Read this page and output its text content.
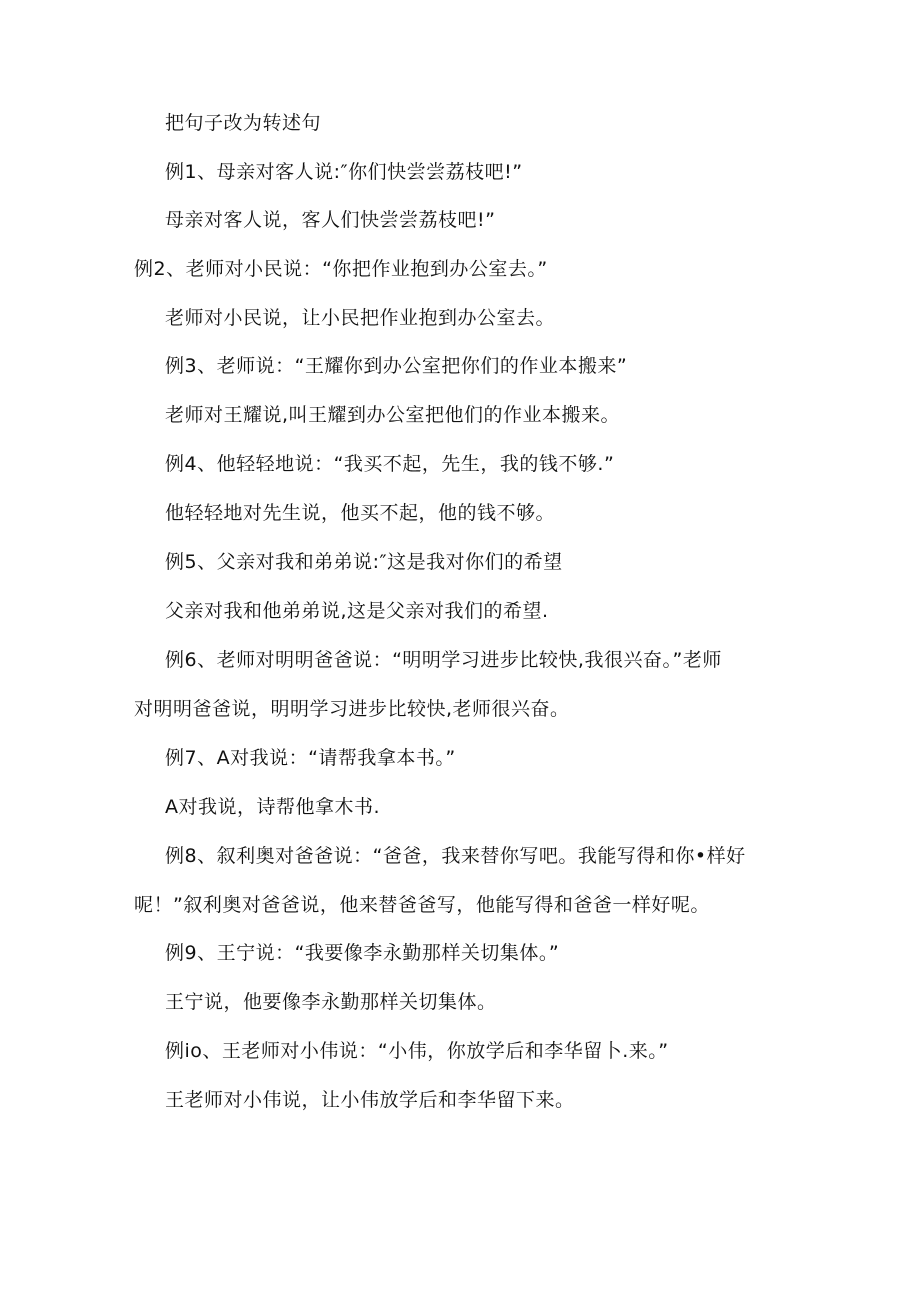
把句子改为转述句
例1、母亲对客人说:″你们快尝尝荔枝吧!”
母亲对客人说，客人们快尝尝荔枝吧!”
例2、老师对小民说：“你把作业抱到办公室去。”
老师对小民说，让小民把作业抱到办公室去。
例3、老师说：“王耀你到办公室把你们的作业本搬来”
老师对王耀说,叫王耀到办公室把他们的作业本搬来。
例4、他轻轻地说：“我买不起，先生，我的钱不够.”
他轻轻地对先生说，他买不起，他的钱不够。
例5、父亲对我和弟弟说:″这是我对你们的希望
父亲对我和他弟弟说,这是父亲对我们的希望.
例6、老师对明明爸爸说：“明明学习进步比较快,我很兴奋。”老师
对明明爸爸说，明明学习进步比较快,老师很兴奋。
例7、A对我说：“请帮我拿本书。”
A对我说，诗帮他拿木书.
例8、叙利奥对爸爸说：“爸爸，我来替你写吧。我能写得和你•样好
呢！”叙利奥对爸爸说，他来替爸爸写，他能写得和爸爸一样好呢。
例9、王宁说：“我要像李永勤那样关切集体。”
王宁说，他要像李永勤那样关切集体。
例io、王老师对小伟说：“小伟，你放学后和李华留卜.来。”
王老师对小伟说，让小伟放学后和李华留下来。
